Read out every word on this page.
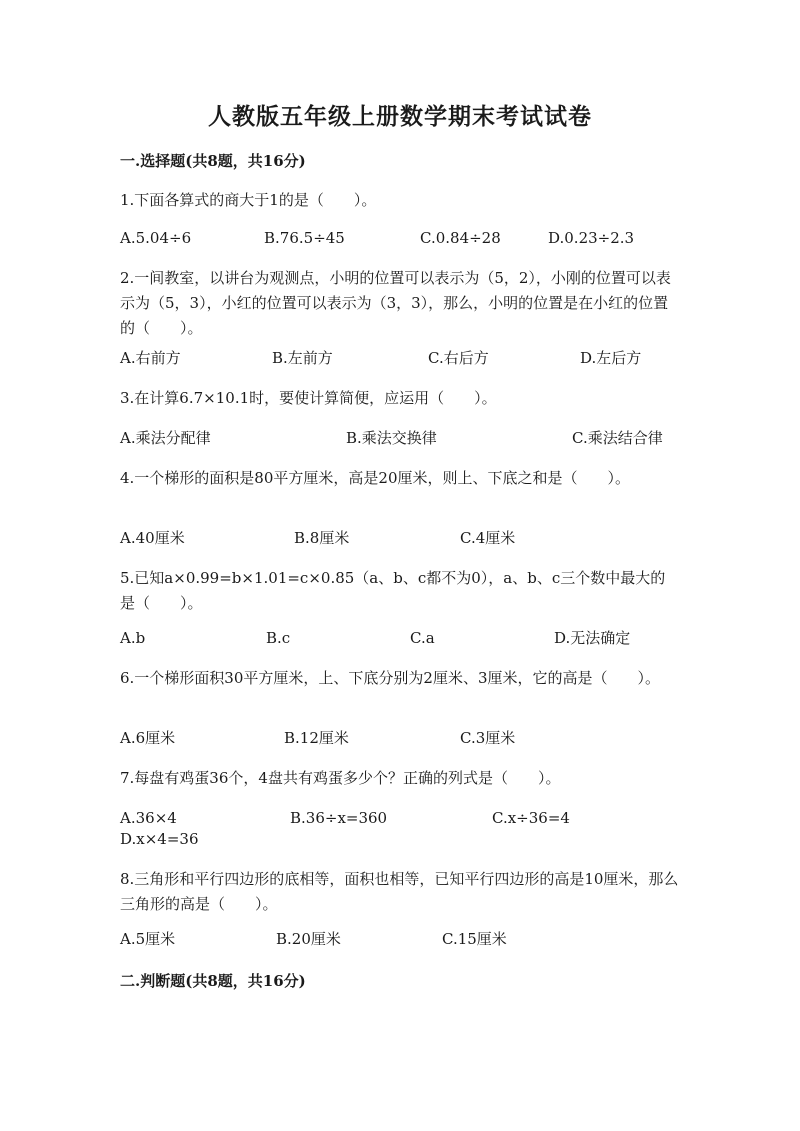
人教版五年级上册数学期末考试试卷
一.选择题(共8题，共16分)
1.下面各算式的商大于1的是（　　）。
A.5.04÷6	B.76.5÷45	C.0.84÷28	D.0.23÷2.3
2.一间教室，以讲台为观测点，小明的位置可以表示为（5，2），小刚的位置可以表示为（5，3），小红的位置可以表示为（3，3），那么，小明的位置是在小红的位置的（　　）。
A.右前方	B.左前方	C.右后方	D.左后方
3.在计算6.7×10.1时，要使计算简便，应运用（　　）。
A.乘法分配律	B.乘法交换律	C.乘法结合律
4.一个梯形的面积是80平方厘米，高是20厘米，则上、下底之和是（　　）。
A.40厘米	B.8厘米	C.4厘米
5.已知a×0.99=b×1.01=c×0.85（a、b、c都不为0），a、b、c三个数中最大的是（　　）。
A.b	B.c	C.a	D.无法确定
6.一个梯形面积30平方厘米，上、下底分别为2厘米、3厘米，它的高是（　　）。
A.6厘米	B.12厘米	C.3厘米
7.每盘有鸡蛋36个，4盘共有鸡蛋多少个？正确的列式是（　　）。
A.36×4	B.36÷x=360	C.x÷36=4
D.x×4=36
8.三角形和平行四边形的底相等，面积也相等，已知平行四边形的高是10厘米，那么三角形的高是（　　）。
A.5厘米	B.20厘米	C.15厘米
二.判断题(共8题，共16分)
